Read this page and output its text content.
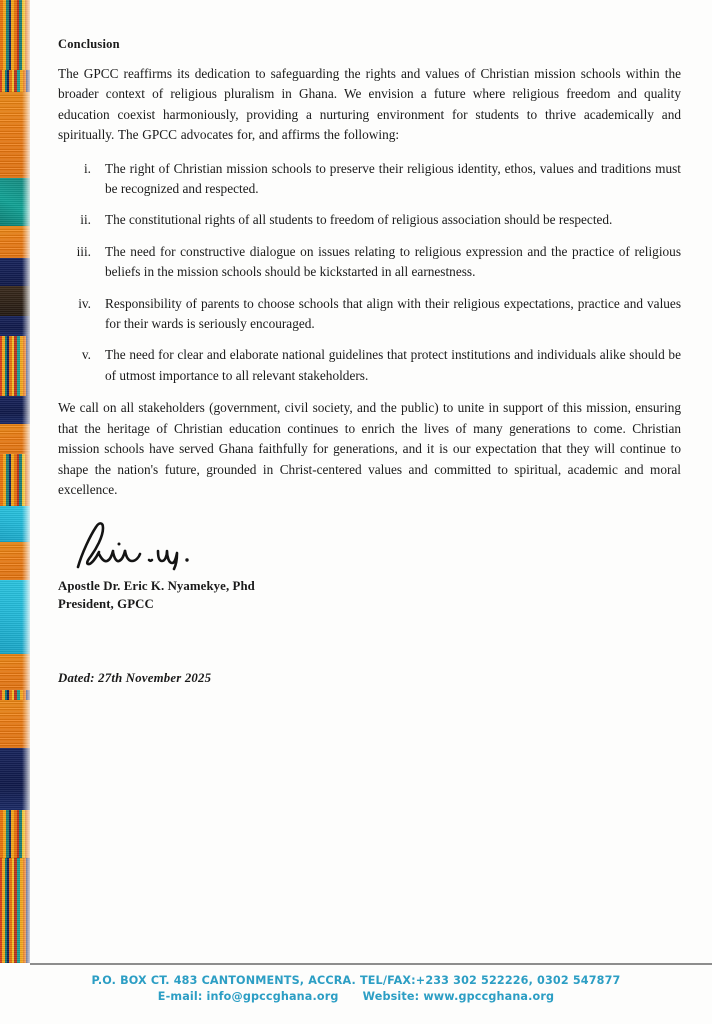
Conclusion

The GPCC reaffirms its dedication to safeguarding the rights and values of Christian mission schools within the broader context of religious pluralism in Ghana. We envision a future where religious freedom and quality education coexist harmoniously, providing a nurturing environment for students to thrive academically and spiritually. The GPCC advocates for, and affirms the following:

i. The right of Christian mission schools to preserve their religious identity, ethos, values and traditions must be recognized and respected.
ii. The constitutional rights of all students to freedom of religious association should be respected.
iii. The need for constructive dialogue on issues relating to religious expression and the practice of religious beliefs in the mission schools should be kickstarted in all earnestness.
iv. Responsibility of parents to choose schools that align with their religious expectations, practice and values for their wards is seriously encouraged.
v. The need for clear and elaborate national guidelines that protect institutions and individuals alike should be of utmost importance to all relevant stakeholders.

We call on all stakeholders (government, civil society, and the public) to unite in support of this mission, ensuring that the heritage of Christian education continues to enrich the lives of many generations to come. Christian mission schools have served Ghana faithfully for generations, and it is our expectation that they will continue to shape the nation's future, grounded in Christ-centered values and committed to spiritual, academic and moral excellence.

Apostle Dr. Eric K. Nyamekye, Phd
President, GPCC
Dated: 27th November 2025
P.O. BOX CT. 483 CANTONMENTS, ACCRA. TEL/FAX:+233 302 522226, 0302 547877
E-mail: info@gpccghana.org Website: www.gpccghana.org
